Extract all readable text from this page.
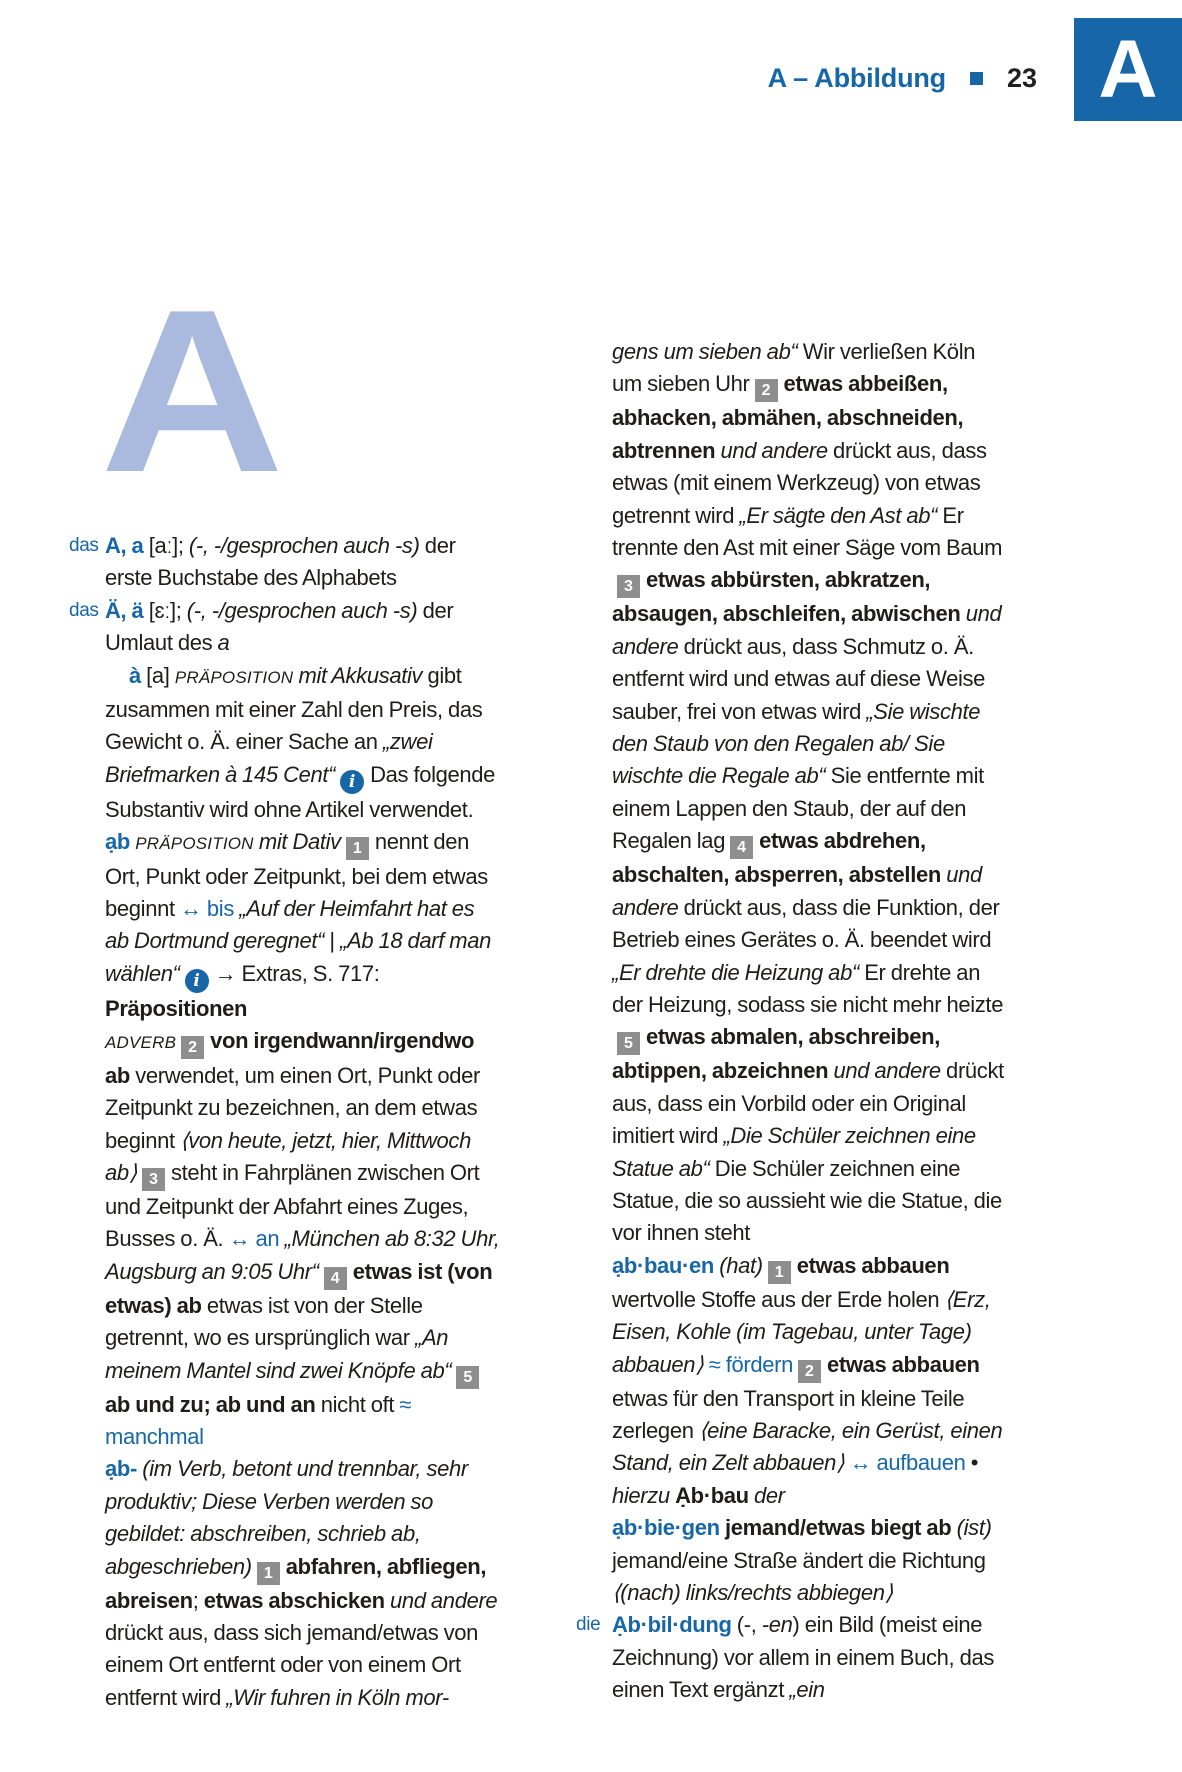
A – Abbildung 23 A
A

das A, a [aː]; (-, -/gesprochen auch -s) der erste Buchstabe des Alphabets

das Ä, ä [ɛː]; (-, -/gesprochen auch -s) der Umlaut des a

à [a] PRÄPOSITION mit Akkusativ gibt zusammen mit einer Zahl den Preis, das Gewicht o. Ä. einer Sache an „zwei Briefmarken à 145 Cent“ i Das folgende Substantiv wird ohne Artikel verwendet.

ạb PRÄPOSITION mit Dativ 1 nennt den Ort, Punkt oder Zeitpunkt, bei dem etwas beginnt ↔ bis „Auf der Heimfahrt hat es ab Dortmund geregnet“ | „Ab 18 darf man wählen“ i → Extras, S. 717: Präpositionen
ADVERB 2 von irgendwann/irgendwo ab verwendet, um einen Ort, Punkt oder Zeitpunkt zu bezeichnen, an dem etwas beginnt ⟨von heute, jetzt, hier, Mittwoch ab⟩ 3 steht in Fahrplänen zwischen Ort und Zeitpunkt der Abfahrt eines Zuges, Busses o. Ä. ↔ an „München ab 8:32 Uhr, Augsburg an 9:05 Uhr“ 4 etwas ist (von etwas) ab etwas ist von der Stelle getrennt, wo es ursprünglich war „An meinem Mantel sind zwei Knöpfe ab“ 5ab und zu; ab und an nicht oft ≈ manchmal

ạb- (im Verb, betont und trennbar, sehr produktiv; Diese Verben werden so gebildet: abschreiben, schrieb ab, abgeschrieben) 1 abfahren, abfliegen, abreisen; etwas abschicken und andere drückt aus, dass sich jemand/etwas von einem Ort entfernt oder von einem Ort entfernt wird „Wir fuhren in Köln mor-

gens um sieben ab“ Wir verließen Köln um sieben Uhr 2 etwas abbeißen, abhacken, abmähen, abschneiden, abtrennen und andere drückt aus, dass etwas (mit einem Werkzeug) von etwas getrennt wird „Er sägte den Ast ab“ Er trennte den Ast mit einer Säge vom Baum3 etwas abbürsten, abkratzen, absaugen, abschleifen, abwischen und andere drückt aus, dass Schmutz o. Ä. entfernt wird und etwas auf diese Weise sauber, frei von etwas wird „Sie wischte den Staub von den Regalen ab/ Sie wischte die Regale ab“ Sie entfernte mit einem Lappen den Staub, der auf den Regalen lag 4 etwas abdrehen, abschalten, absperren, abstellen und andere drückt aus, dass die Funktion, der Betrieb eines Gerätes o. Ä. beendet wird „Er drehte die Heizung ab“ Er drehte an der Heizung, sodass sie nicht mehr heizte5 etwas abmalen, abschreiben, abtippen, abzeichnen und andere drückt aus, dass ein Vorbild oder ein Original imitiert wird „Die Schüler zeichnen eine Statue ab“ Die Schüler zeichnen eine Statue, die so aussieht wie die Statue, die vor ihnen steht

ạb·bau·en (hat) 1 etwas abbauen wertvolle Stoffe aus der Erde holen ⟨Erz, Eisen, Kohle (im Tagebau, unter Tage) abbauen⟩ ≈ fördern 2 etwas abbauen etwas für den Transport in kleine Teile zerlegen ⟨eine Baracke, ein Gerüst, einen Stand, ein Zelt abbauen⟩ ↔ aufbauen • hierzu Ạb·bau der

ạb·bie·gen jemand/etwas biegt ab (ist) jemand/eine Straße ändert die Richtung ⟨(nach) links/rechts abbiegen⟩

die Ạb·bil·dung (-, -en) ein Bild (meist eine Zeichnung) vor allem in einem Buch, das einen Text ergänzt „ein
